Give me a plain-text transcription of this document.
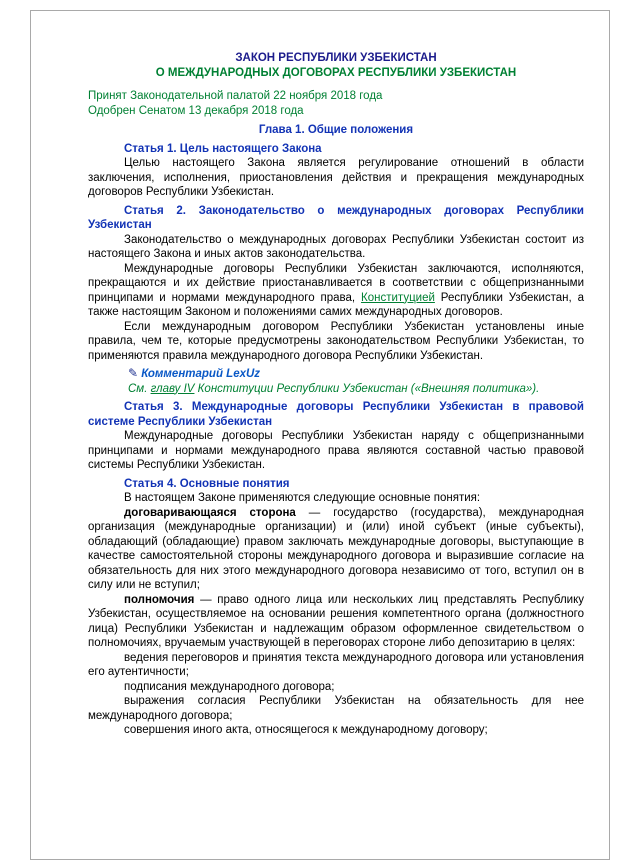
ЗАКОН РЕСПУБЛИКИ УЗБЕКИСТАН

О МЕЖДУНАРОДНЫХ ДОГОВОРАХ РЕСПУБЛИКИ УЗБЕКИСТАН

Принят Законодательной палатой 22 ноября 2018 года

Одобрен Сенатом 13 декабря 2018 года

Глава 1. Общие положения

Статья 1. Цель настоящего Закона

Целью настоящего Закона является регулирование отношений в области заключения, исполнения, приостановления действия и прекращения международных договоров Республики Узбекистан.

Статья 2. Законодательство о международных договорах Республики Узбекистан

Законодательство о международных договорах Республики Узбекистан состоит из настоящего Закона и иных актов законодательства.

Международные договоры Республики Узбекистан заключаются, исполняются, прекращаются и их действие приостанавливается в соответствии с общепризнанными принципами и нормами международного права, Конституцией Республики Узбекистан, а также настоящим Законом и положениями самих международных договоров.

Если международным договором Республики Узбекистан установлены иные правила, чем те, которые предусмотрены законодательством Республики Узбекистан, то применяются правила международного договора Республики Узбекистан.

✎ Комментарий LexUz

См. главу IV Конституции Республики Узбекистан («Внешняя политика»).

Статья 3. Международные договоры Республики Узбекистан в правовой системе Республики Узбекистан

Международные договоры Республики Узбекистан наряду с общепризнанными принципами и нормами международного права являются составной частью правовой системы Республики Узбекистан.

Статья 4. Основные понятия

В настоящем Законе применяются следующие основные понятия:

договаривающаяся сторона — государство (государства), международная организация (международные организации) и (или) иной субъект (иные субъекты), обладающий (обладающие) правом заключать международные договоры, выступающие в качестве самостоятельной стороны международного договора и выразившие согласие на обязательность для них этого международного договора независимо от того, вступил он в силу или не вступил;

полномочия — право одного лица или нескольких лиц представлять Республику Узбекистан, осуществляемое на основании решения компетентного органа (должностного лица) Республики Узбекистан и надлежащим образом оформленное свидетельством о полномочиях, вручаемым участвующей в переговорах стороне либо депозитарию в целях:

ведения переговоров и принятия текста международного договора или установления его аутентичности;

подписания международного договора;

выражения согласия Республики Узбекистан на обязательность для нее международного договора;

совершения иного акта, относящегося к международному договору;
